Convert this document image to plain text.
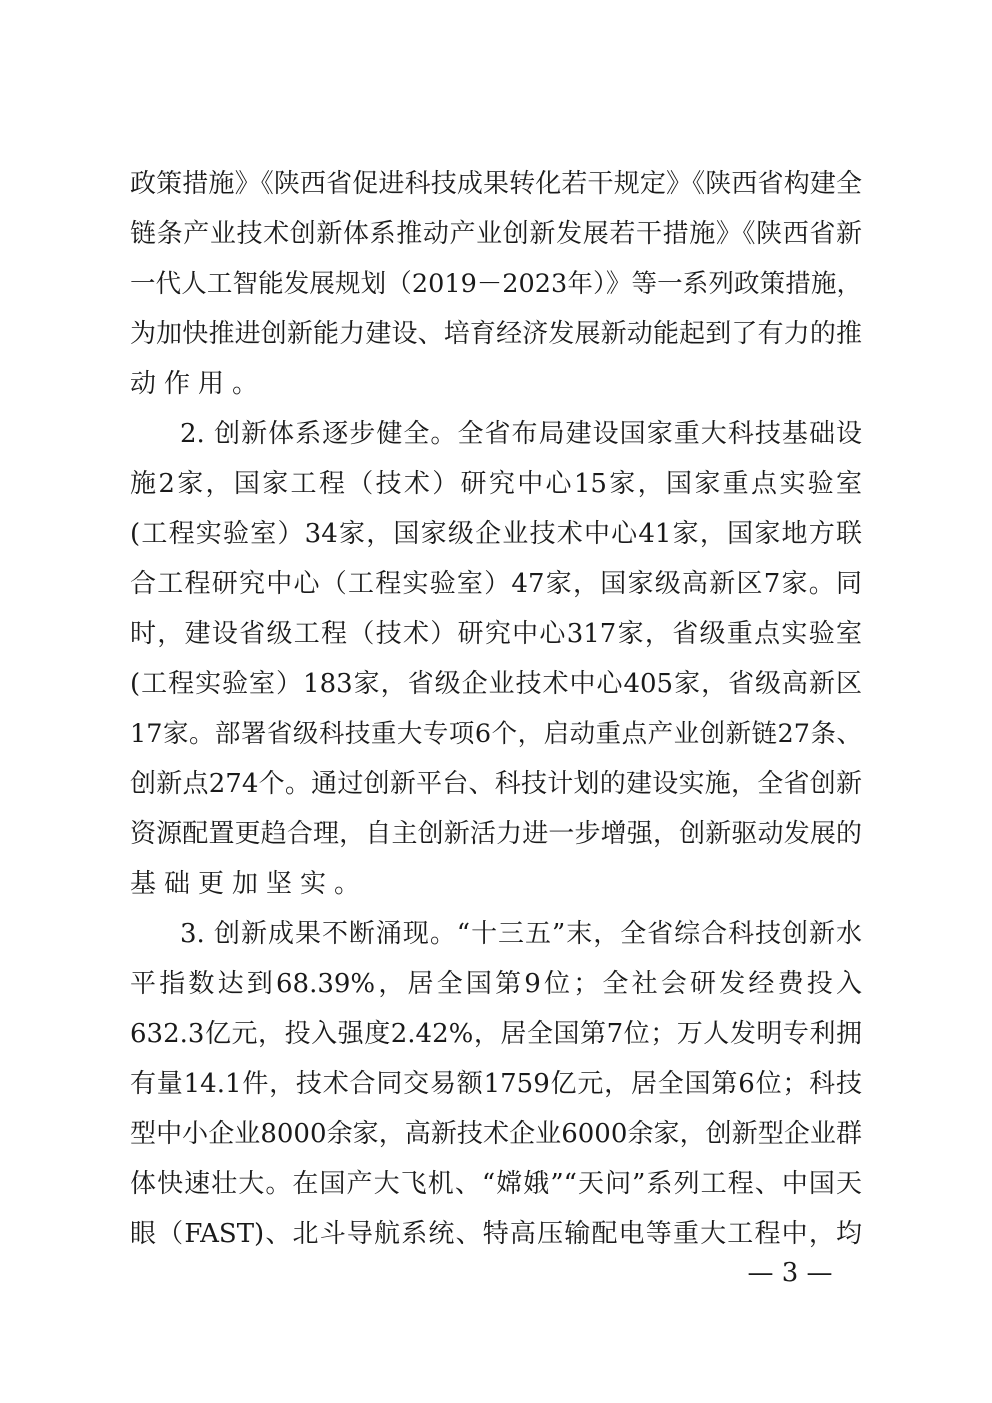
政策措施》《陕西省促进科技成果转化若干规定》《陕西省构建全
链条产业技术创新体系推动产业创新发展若干措施》《陕西省新
一代人工智能发展规划（2019－2023年）》等一系列政策措施，
为加快推进创新能力建设、培育经济发展新动能起到了有力的推
动作用。
2. 创新体系逐步健全。全省布局建设国家重大科技基础设
施2家，国家工程（技术）研究中心15家，国家重点实验室
(工程实验室）34家，国家级企业技术中心41家，国家地方联
合工程研究中心（工程实验室）47家，国家级高新区7家。同
时，建设省级工程（技术）研究中心317家，省级重点实验室
(工程实验室）183家，省级企业技术中心405家，省级高新区
17家。部署省级科技重大专项6个，启动重点产业创新链27条、
创新点274个。通过创新平台、科技计划的建设实施，全省创新
资源配置更趋合理，自主创新活力进一步增强，创新驱动发展的
基础更加坚实。
3. 创新成果不断涌现。“十三五”末，全省综合科技创新水
平指数达到68.39%，居全国第9位；全社会研发经费投入
632.3亿元，投入强度2.42%，居全国第7位；万人发明专利拥
有量14.1件，技术合同交易额1759亿元，居全国第6位；科技
型中小企业8000余家，高新技术企业6000余家，创新型企业群
体快速壮大。在国产大飞机、“嫦娥”“天问”系列工程、中国天
眼（FAST)、北斗导航系统、特高压输配电等重大工程中，均
— 3 —
